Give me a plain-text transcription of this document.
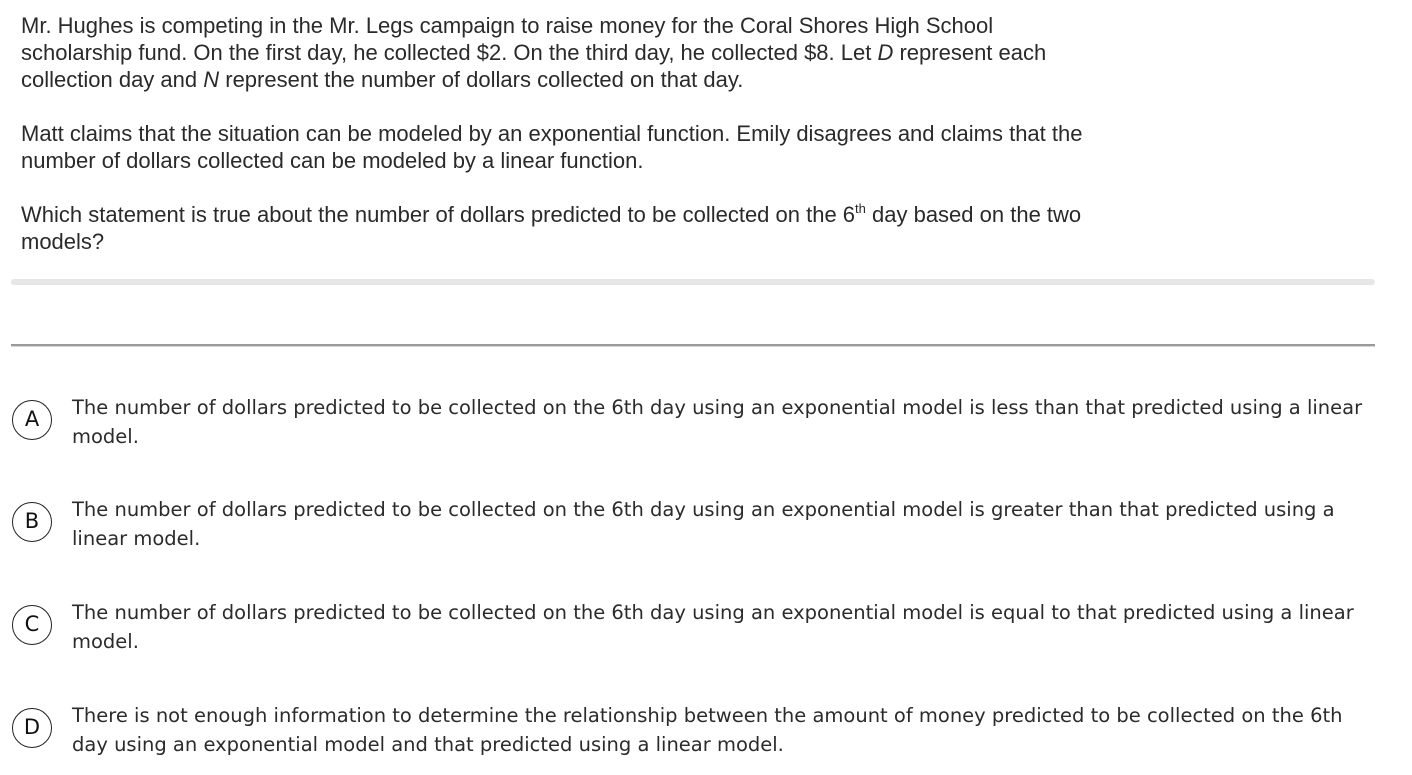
Mr. Hughes is competing in the Mr. Legs campaign to raise money for the Coral Shores High School scholarship fund. On the first day, he collected $2. On the third day, he collected $8. Let D represent each collection day and N represent the number of dollars collected on that day.

Matt claims that the situation can be modeled by an exponential function. Emily disagrees and claims that the number of dollars collected can be modeled by a linear function.

Which statement is true about the number of dollars predicted to be collected on the 6th day based on the two models?

A	The number of dollars predicted to be collected on the 6th day using an exponential model is less than that predicted using a linear model.
B	The number of dollars predicted to be collected on the 6th day using an exponential model is greater than that predicted using a linear model.
C	The number of dollars predicted to be collected on the 6th day using an exponential model is equal to that predicted using a linear model.
D	There is not enough information to determine the relationship between the amount of money predicted to be collected on the 6th day using an exponential model and that predicted using a linear model.
